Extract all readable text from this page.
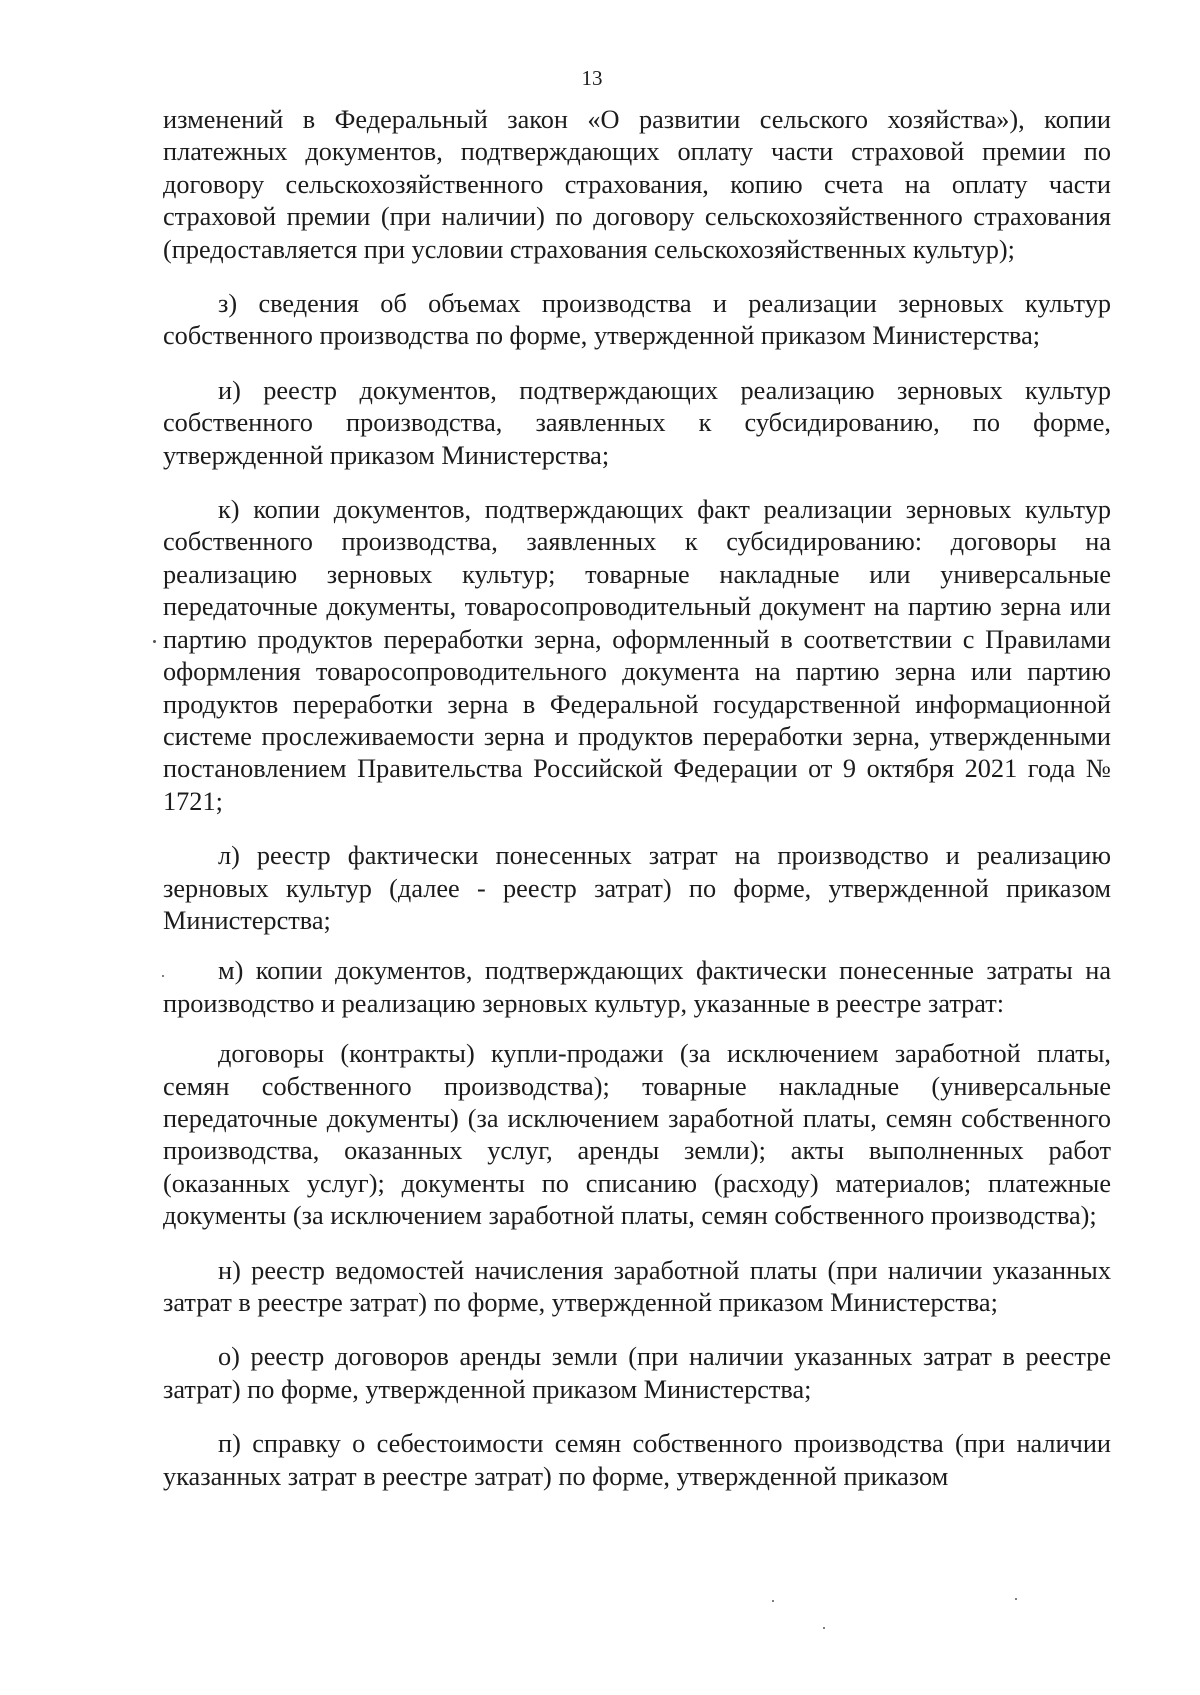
13

изменений в Федеральный закон «О развитии сельского хозяйства»), копии платежных документов, подтверждающих оплату части страховой премии по договору сельскохозяйственного страхования, копию счета на оплату части страховой премии (при наличии) по договору сельскохозяйственного страхования (предоставляется при условии страхования сельскохозяйственных культур);

з) сведения об объемах производства и реализации зерновых культур собственного производства по форме, утвержденной приказом Министерства;

и) реестр документов, подтверждающих реализацию зерновых культур собственного производства, заявленных к субсидированию, по форме, утвержденной приказом Министерства;

к) копии документов, подтверждающих факт реализации зерновых культур собственного производства, заявленных к субсидированию: договоры на реализацию зерновых культур; товарные накладные или универсальные передаточные документы, товаросопроводительный документ на партию зерна или партию продуктов переработки зерна, оформленный в соответствии с Правилами оформления товаросопроводительного документа на партию зерна или партию продуктов переработки зерна в Федеральной государственной информационной системе прослеживаемости зерна и продуктов переработки зерна, утвержденными постановлением Правительства Российской Федерации от 9 октября 2021 года № 1721;

л) реестр фактически понесенных затрат на производство и реализацию зерновых культур (далее - реестр затрат) по форме, утвержденной приказом Министерства;

м) копии документов, подтверждающих фактически понесенные затраты на производство и реализацию зерновых культур, указанные в реестре затрат:

договоры (контракты) купли-продажи (за исключением заработной платы, семян собственного производства); товарные накладные (универсальные передаточные документы) (за исключением заработной платы, семян собственного производства, оказанных услуг, аренды земли); акты выполненных работ (оказанных услуг); документы по списанию (расходу) материалов; платежные документы (за исключением заработной платы, семян собственного производства);

н) реестр ведомостей начисления заработной платы (при наличии указанных затрат в реестре затрат) по форме, утвержденной приказом Министерства;

о) реестр договоров аренды земли (при наличии указанных затрат в реестре затрат) по форме, утвержденной приказом Министерства;

п) справку о себестоимости семян собственного производства (при наличии указанных затрат в реестре затрат) по форме, утвержденной приказом
